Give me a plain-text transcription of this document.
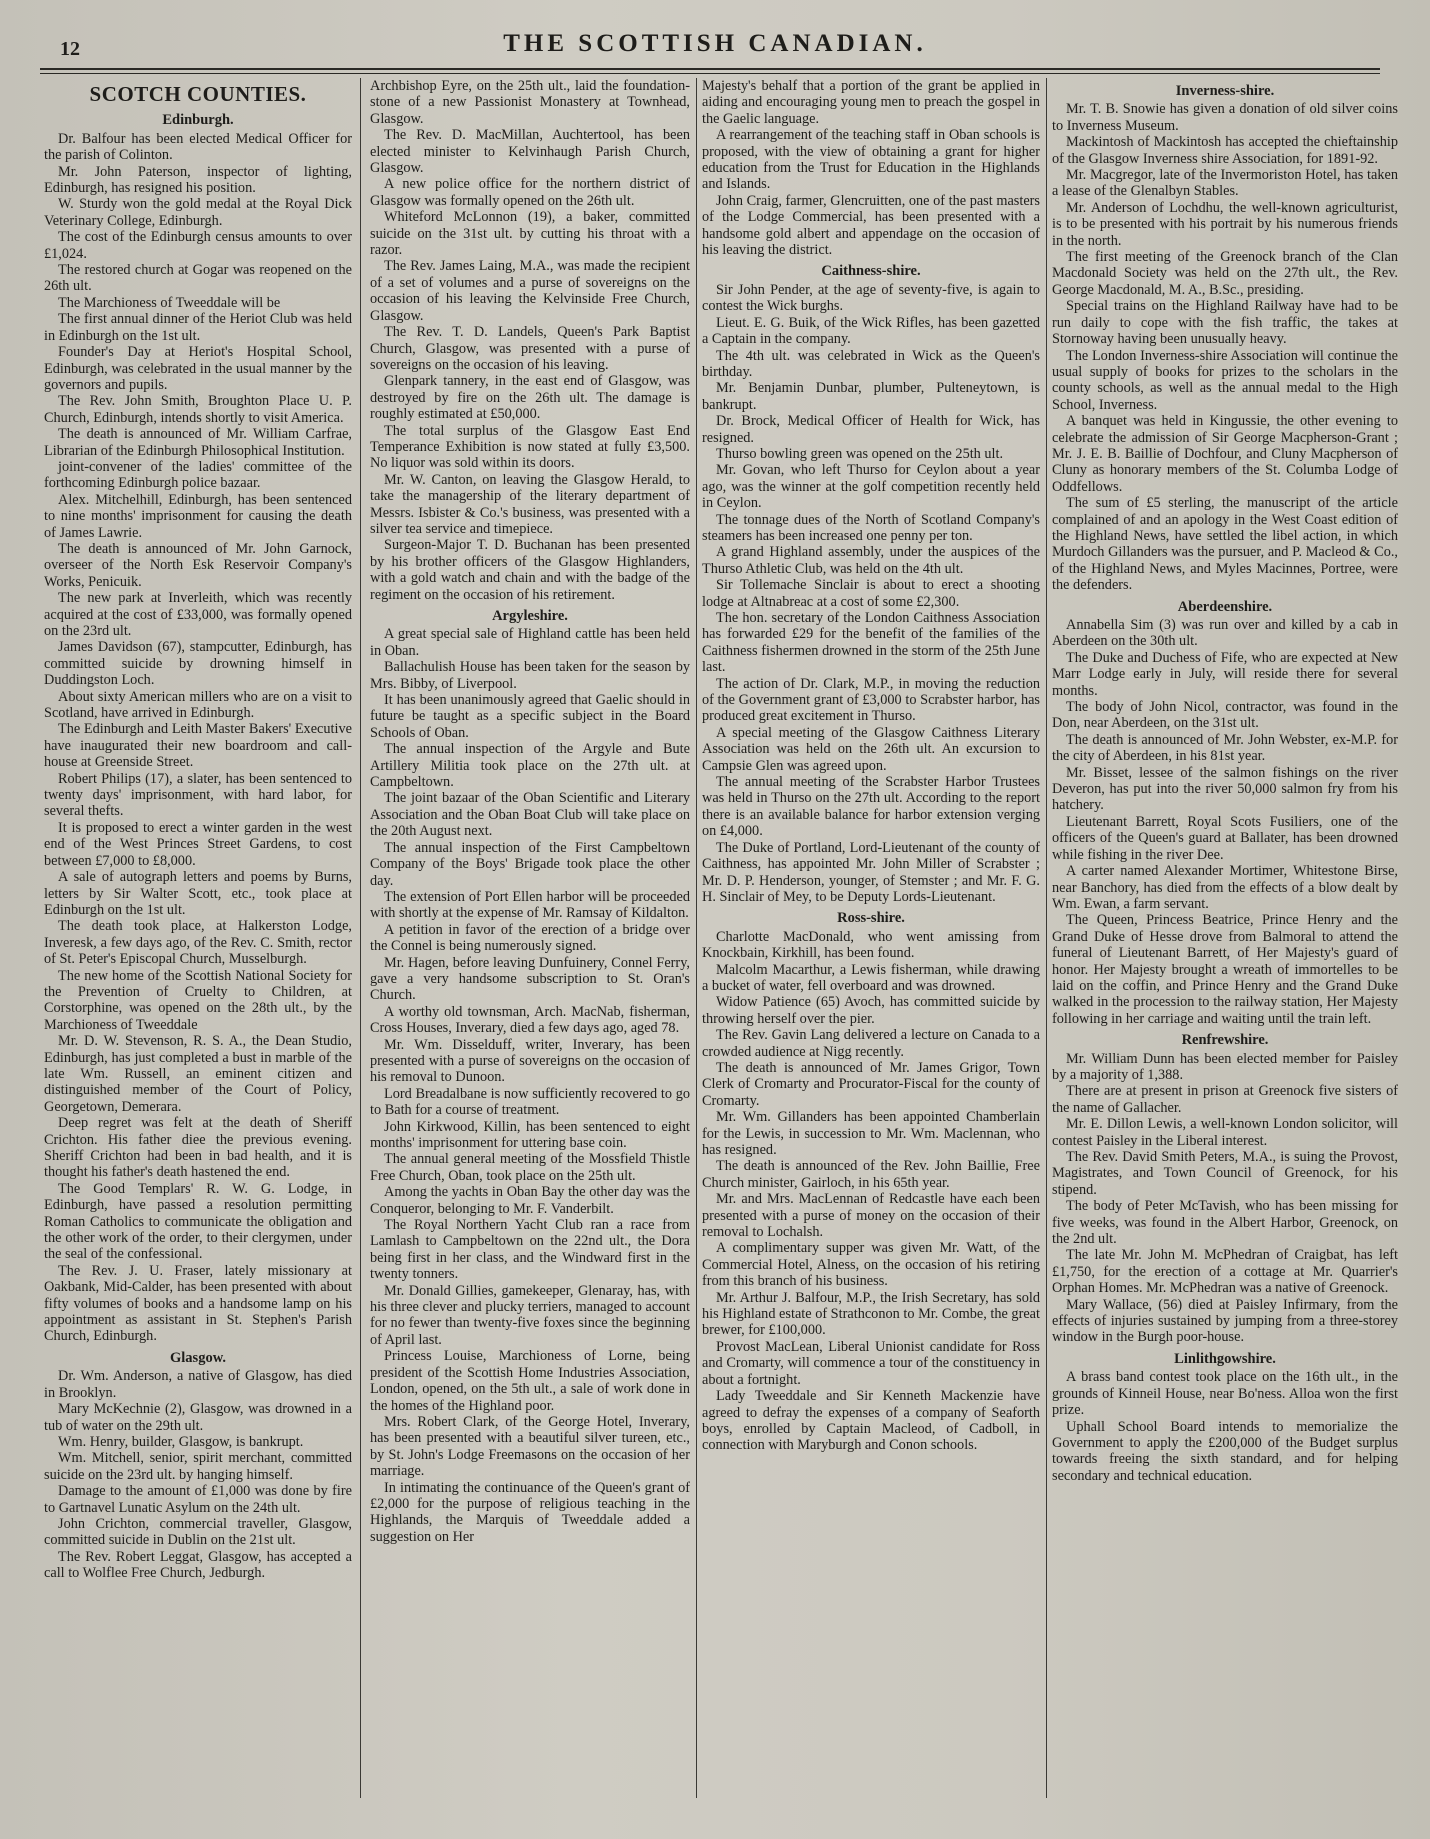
12	THE SCOTTISH CANADIAN.
SCOTCH COUNTIES.
Edinburgh.

Dr. Balfour has been elected Medical Officer for the parish of Colinton.

Mr. John Paterson, inspector of lighting, Edinburgh, has resigned his position.

W. Sturdy won the gold medal at the Royal Dick Veterinary College, Edinburgh.

The cost of the Edinburgh census amounts to over £1,024.

The restored church at Gogar was reopened on the 26th ult.

The Marchioness of Tweeddale will be

The first annual dinner of the Heriot Club was held in Edinburgh on the 1st ult.

Founder's Day at Heriot's Hospital School, Edinburgh, was celebrated in the usual manner by the governors and pupils.

The Rev. John Smith, Broughton Place U. P. Church, Edinburgh, intends shortly to visit America.

The death is announced of Mr. William Carfrae, Librarian of the Edinburgh Philosophical Institution.

joint-convener of the ladies' committee of the forthcoming Edinburgh police bazaar.

Alex. Mitchelhill, Edinburgh, has been sentenced to nine months' imprisonment for causing the death of James Lawrie.

The death is announced of Mr. John Garnock, overseer of the North Esk Reservoir Company's Works, Penicuik.

The new park at Inverleith, which was recently acquired at the cost of £33,000, was formally opened on the 23rd ult.

James Davidson (67), stampcutter, Edinburgh, has committed suicide by drowning himself in Duddingston Loch.

About sixty American millers who are on a visit to Scotland, have arrived in Edinburgh.

The Edinburgh and Leith Master Bakers' Executive have inaugurated their new boardroom and call-house at Greenside Street.

Robert Philips (17), a slater, has been sentenced to twenty days' imprisonment, with hard labor, for several thefts.

It is proposed to erect a winter garden in the west end of the West Princes Street Gardens, to cost between £7,000 to £8,000.

A sale of autograph letters and poems by Burns, letters by Sir Walter Scott, etc., took place at Edinburgh on the 1st ult.

The death took place, at Halkerston Lodge, Inveresk, a few days ago, of the Rev. C. Smith, rector of St. Peter's Episcopal Church, Musselburgh.

The new home of the Scottish National Society for the Prevention of Cruelty to Children, at Corstorphine, was opened on the 28th ult., by the Marchioness of Tweeddale

Mr. D. W. Stevenson, R. S. A., the Dean Studio, Edinburgh, has just completed a bust in marble of the late Wm. Russell, an eminent citizen and distinguished member of the Court of Policy, Georgetown, Demerara.

Deep regret was felt at the death of Sheriff Crichton. His father diee the previous evening. Sheriff Crichton had been in bad health, and it is thought his father's death hastened the end.

The Good Templars' R. W. G. Lodge, in Edinburgh, have passed a resolution permitting Roman Catholics to communicate the obligation and the other work of the order, to their clergymen, under the seal of the confessional.

The Rev. J. U. Fraser, lately missionary at Oakbank, Mid-Calder, has been presented with about fifty volumes of books and a handsome lamp on his appointment as assistant in St. Stephen's Parish Church, Edinburgh.

Glasgow.

Dr. Wm. Anderson, a native of Glasgow, has died in Brooklyn.

Mary McKechnie (2), Glasgow, was drowned in a tub of water on the 29th ult.

Wm. Henry, builder, Glasgow, is bankrupt.

Wm. Mitchell, senior, spirit merchant, committed suicide on the 23rd ult. by hanging himself.

Damage to the amount of £1,000 was done by fire to Gartnavel Lunatic Asylum on the 24th ult.

John Crichton, commercial traveller, Glasgow, committed suicide in Dublin on the 21st ult.

The Rev. Robert Leggat, Glasgow, has accepted a call to Wolflee Free Church, Jedburgh.

Archbishop Eyre, on the 25th ult., laid the foundation-stone of a new Passionist Monastery at Townhead, Glasgow.

The Rev. D. MacMillan, Auchtertool, has been elected minister to Kelvinhaugh Parish Church, Glasgow.

A new police office for the northern district of Glasgow was formally opened on the 26th ult.

Whiteford McLonnon (19), a baker, committed suicide on the 31st ult. by cutting his throat with a razor.

The Rev. James Laing, M.A., was made the recipient of a set of volumes and a purse of sovereigns on the occasion of his leaving the Kelvinside Free Church, Glasgow.

The Rev. T. D. Landels, Queen's Park Baptist Church, Glasgow, was presented with a purse of sovereigns on the occasion of his leaving.

Glenpark tannery, in the east end of Glasgow, was destroyed by fire on the 26th ult. The damage is roughly estimated at £50,000.

The total surplus of the Glasgow East End Temperance Exhibition is now stated at fully £3,500. No liquor was sold within its doors.

Mr. W. Canton, on leaving the Glasgow Herald, to take the managership of the literary department of Messrs. Isbister & Co.'s business, was presented with a silver tea service and timepiece.

Surgeon-Major T. D. Buchanan has been presented by his brother officers of the Glasgow Highlanders, with a gold watch and chain and with the badge of the regiment on the occasion of his retirement.

Argyleshire.

A great special sale of Highland cattle has been held in Oban.

Ballachulish House has been taken for the season by Mrs. Bibby, of Liverpool.

It has been unanimously agreed that Gaelic should in future be taught as a specific subject in the Board Schools of Oban.

The annual inspection of the Argyle and Bute Artillery Militia took place on the 27th ult. at Campbeltown.

The joint bazaar of the Oban Scientific and Literary Association and the Oban Boat Club will take place on the 20th August next.

The annual inspection of the First Campbeltown Company of the Boys' Brigade took place the other day.

The extension of Port Ellen harbor will be proceeded with shortly at the expense of Mr. Ramsay of Kildalton.

A petition in favor of the erection of a bridge over the Connel is being numerously signed.

Mr. Hagen, before leaving Dunfuinery, Connel Ferry, gave a very handsome subscription to St. Oran's Church.

A worthy old townsman, Arch. MacNab, fisherman, Cross Houses, Inverary, died a few days ago, aged 78.

Mr. Wm. Disselduff, writer, Inverary, has been presented with a purse of sovereigns on the occasion of his removal to Dunoon.

Lord Breadalbane is now sufficiently recovered to go to Bath for a course of treatment.

John Kirkwood, Killin, has been sentenced to eight months' imprisonment for uttering base coin.

The annual general meeting of the Mossfield Thistle Free Church, Oban, took place on the 25th ult.

Among the yachts in Oban Bay the other day was the Conqueror, belonging to Mr. F. Vanderbilt.

The Royal Northern Yacht Club ran a race from Lamlash to Campbeltown on the 22nd ult., the Dora being first in her class, and the Windward first in the twenty tonners.

Mr. Donald Gillies, gamekeeper, Glenaray, has, with his three clever and plucky terriers, managed to account for no fewer than twenty-five foxes since the beginning of April last.

Princess Louise, Marchioness of Lorne, being president of the Scottish Home Industries Association, London, opened, on the 5th ult., a sale of work done in the homes of the Highland poor.

Mrs. Robert Clark, of the George Hotel, Inverary, has been presented with a beautiful silver tureen, etc., by St. John's Lodge Freemasons on the occasion of her marriage.

In intimating the continuance of the Queen's grant of £2,000 for the purpose of religious teaching in the Highlands, the Marquis of Tweeddale added a suggestion on Her

Majesty's behalf that a portion of the grant be applied in aiding and encouraging young men to preach the gospel in the Gaelic language.

A rearrangement of the teaching staff in Oban schools is proposed, with the view of obtaining a grant for higher education from the Trust for Education in the Highlands and Islands.

John Craig, farmer, Glencruitten, one of the past masters of the Lodge Commercial, has been presented with a handsome gold albert and appendage on the occasion of his leaving the district.

Caithness-shire.

Sir John Pender, at the age of seventy-five, is again to contest the Wick burghs.

Lieut. E. G. Buik, of the Wick Rifles, has been gazetted a Captain in the company.

The 4th ult. was celebrated in Wick as the Queen's birthday.

Mr. Benjamin Dunbar, plumber, Pulteneytown, is bankrupt.

Dr. Brock, Medical Officer of Health for Wick, has resigned.

Thurso bowling green was opened on the 25th ult.

Mr. Govan, who left Thurso for Ceylon about a year ago, was the winner at the golf competition recently held in Ceylon.

The tonnage dues of the North of Scotland Company's steamers has been increased one penny per ton.

A grand Highland assembly, under the auspices of the Thurso Athletic Club, was held on the 4th ult.

Sir Tollemache Sinclair is about to erect a shooting lodge at Altnabreac at a cost of some £2,300.

The hon. secretary of the London Caithness Association has forwarded £29 for the benefit of the families of the Caithness fishermen drowned in the storm of the 25th June last.

The action of Dr. Clark, M.P., in moving the reduction of the Government grant of £3,000 to Scrabster harbor, has produced great excitement in Thurso.

A special meeting of the Glasgow Caithness Literary Association was held on the 26th ult. An excursion to Campsie Glen was agreed upon.

The annual meeting of the Scrabster Harbor Trustees was held in Thurso on the 27th ult. According to the report there is an available balance for harbor extension verging on £4,000.

The Duke of Portland, Lord-Lieutenant of the county of Caithness, has appointed Mr. John Miller of Scrabster ; Mr. D. P. Henderson, younger, of Stemster ; and Mr. F. G. H. Sinclair of Mey, to be Deputy Lords-Lieutenant.

Ross-shire.

Charlotte MacDonald, who went amissing from Knockbain, Kirkhill, has been found.

Malcolm Macarthur, a Lewis fisherman, while drawing a bucket of water, fell overboard and was drowned.

Widow Patience (65) Avoch, has committed suicide by throwing herself over the pier.

The Rev. Gavin Lang delivered a lecture on Canada to a crowded audience at Nigg recently.

The death is announced of Mr. James Grigor, Town Clerk of Cromarty and Procurator-Fiscal for the county of Cromarty.

Mr. Wm. Gillanders has been appointed Chamberlain for the Lewis, in succession to Mr. Wm. Maclennan, who has resigned.

The death is announced of the Rev. John Baillie, Free Church minister, Gairloch, in his 65th year.

Mr. and Mrs. MacLennan of Redcastle have each been presented with a purse of money on the occasion of their removal to Lochalsh.

A complimentary supper was given Mr. Watt, of the Commercial Hotel, Alness, on the occasion of his retiring from this branch of his business.

Mr. Arthur J. Balfour, M.P., the Irish Secretary, has sold his Highland estate of Strathconon to Mr. Combe, the great brewer, for £100,000.

Provost MacLean, Liberal Unionist candidate for Ross and Cromarty, will commence a tour of the constituency in about a fortnight.

Lady Tweeddale and Sir Kenneth Mackenzie have agreed to defray the expenses of a company of Seaforth boys, enrolled by Captain Macleod, of Cadboll, in connection with Maryburgh and Conon schools.

Inverness-shire.

Mr. T. B. Snowie has given a donation of old silver coins to Inverness Museum.

Mackintosh of Mackintosh has accepted the chieftainship of the Glasgow Inverness shire Association, for 1891-92.

Mr. Macgregor, late of the Invermoriston Hotel, has taken a lease of the Glenalbyn Stables.

Mr. Anderson of Lochdhu, the well-known agriculturist, is to be presented with his portrait by his numerous friends in the north.

The first meeting of the Greenock branch of the Clan Macdonald Society was held on the 27th ult., the Rev. George Macdonald, M. A., B.Sc., presiding.

Special trains on the Highland Railway have had to be run daily to cope with the fish traffic, the takes at Stornoway having been unusually heavy.

The London Inverness-shire Association will continue the usual supply of books for prizes to the scholars in the county schools, as well as the annual medal to the High School, Inverness.

A banquet was held in Kingussie, the other evening to celebrate the admission of Sir George Macpherson-Grant ; Mr. J. E. B. Baillie of Dochfour, and Cluny Macpherson of Cluny as honorary members of the St. Columba Lodge of Oddfellows.

The sum of £5 sterling, the manuscript of the article complained of and an apology in the West Coast edition of the Highland News, have settled the libel action, in which Murdoch Gillanders was the pursuer, and P. Macleod & Co., of the Highland News, and Myles Macinnes, Portree, were the defenders.

Aberdeenshire.

Annabella Sim (3) was run over and killed by a cab in Aberdeen on the 30th ult.

The Duke and Duchess of Fife, who are expected at New Marr Lodge early in July, will reside there for several months.

The body of John Nicol, contractor, was found in the Don, near Aberdeen, on the 31st ult.

The death is announced of Mr. John Webster, ex-M.P. for the city of Aberdeen, in his 81st year.

Mr. Bisset, lessee of the salmon fishings on the river Deveron, has put into the river 50,000 salmon fry from his hatchery.

Lieutenant Barrett, Royal Scots Fusiliers, one of the officers of the Queen's guard at Ballater, has been drowned while fishing in the river Dee.

A carter named Alexander Mortimer, Whitestone Birse, near Banchory, has died from the effects of a blow dealt by Wm. Ewan, a farm servant.

The Queen, Princess Beatrice, Prince Henry and the Grand Duke of Hesse drove from Balmoral to attend the funeral of Lieutenant Barrett, of Her Majesty's guard of honor. Her Majesty brought a wreath of immortelles to be laid on the coffin, and Prince Henry and the Grand Duke walked in the procession to the railway station, Her Majesty following in her carriage and waiting until the train left.

Renfrewshire.

Mr. William Dunn has been elected member for Paisley by a majority of 1,388.

There are at present in prison at Greenock five sisters of the name of Gallacher.

Mr. E. Dillon Lewis, a well-known London solicitor, will contest Paisley in the Liberal interest.

The Rev. David Smith Peters, M.A., is suing the Provost, Magistrates, and Town Council of Greenock, for his stipend.

The body of Peter McTavish, who has been missing for five weeks, was found in the Albert Harbor, Greenock, on the 2nd ult.

The late Mr. John M. McPhedran of Craigbat, has left £1,750, for the erection of a cottage at Mr. Quarrier's Orphan Homes. Mr. McPhedran was a native of Greenock.

Mary Wallace, (56) died at Paisley Infirmary, from the effects of injuries sustained by jumping from a three-storey window in the Burgh poor-house.

Linlithgowshire.

A brass band contest took place on the 16th ult., in the grounds of Kinneil House, near Bo'ness. Alloa won the first prize.

Uphall School Board intends to memorialize the Government to apply the £200,000 of the Budget surplus towards freeing the sixth standard, and for helping secondary and technical education.
